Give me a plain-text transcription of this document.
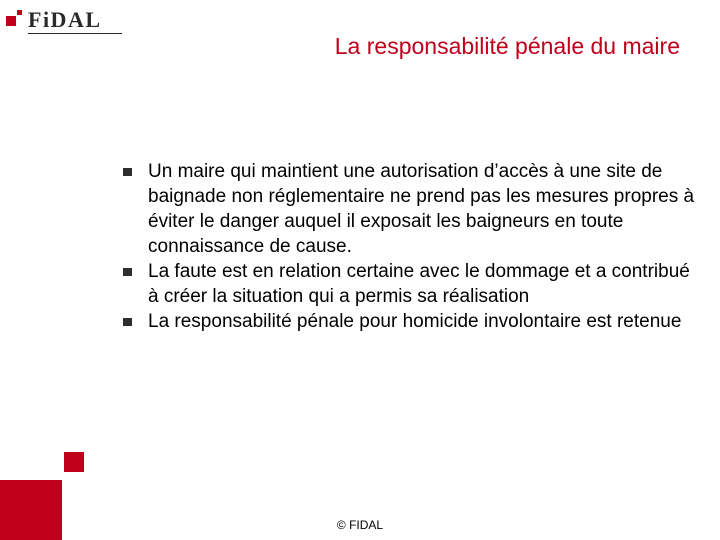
FiDAL
La responsabilité pénale du maire
Un maire qui maintient une autorisation d’accès à une site de baignade non réglementaire ne prend pas les mesures propres à éviter le danger auquel il exposait les baigneurs en toute connaissance de cause.
La faute est en relation certaine avec le dommage et a contribué à créer la situation qui a permis sa réalisation
La responsabilité pénale pour homicide involontaire est retenue
© FIDAL
